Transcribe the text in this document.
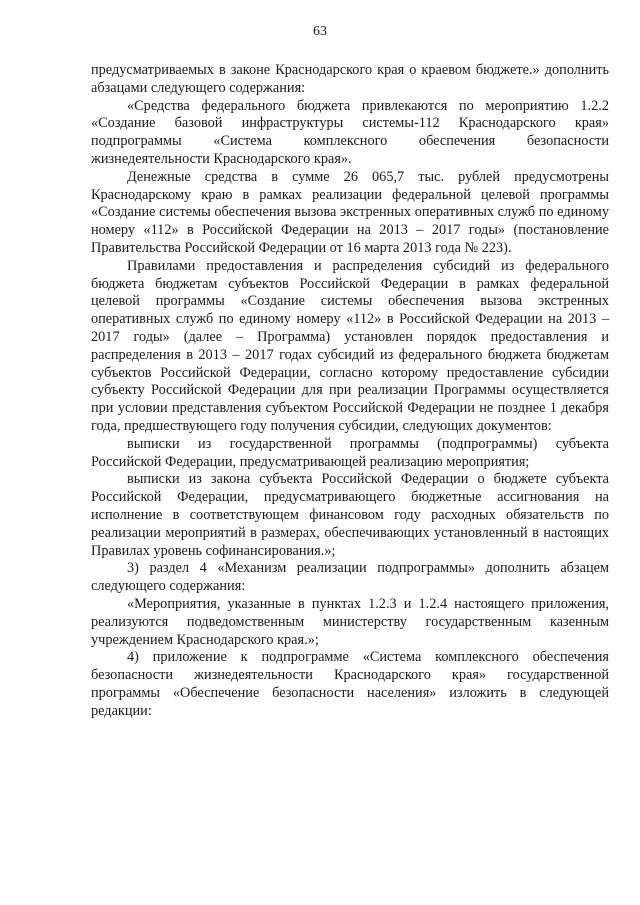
63

предусматриваемых в законе Краснодарского края о краевом бюджете.» дополнить абзацами следующего содержания:

«Средства федерального бюджета привлекаются по мероприятию 1.2.2 «Создание базовой инфраструктуры системы-112 Краснодарского края» подпрограммы «Система комплексного обеспечения безопасности жизнедеятельности Краснодарского края».

Денежные средства в сумме 26 065,7 тыс. рублей предусмотрены Краснодарскому краю в рамках реализации федеральной целевой программы «Создание системы обеспечения вызова экстренных оперативных служб по единому номеру «112» в Российской Федерации на 2013 – 2017 годы» (постановление Правительства Российской Федерации от 16 марта 2013 года № 223).

Правилами предоставления и распределения субсидий из федерального бюджета бюджетам субъектов Российской Федерации в рамках федеральной целевой программы «Создание системы обеспечения вызова экстренных оперативных служб по единому номеру «112» в Российской Федерации на 2013 – 2017 годы» (далее – Программа) установлен порядок предоставления и распределения в 2013 – 2017 годах субсидий из федерального бюджета бюджетам субъектов Российской Федерации, согласно которому предоставление субсидии субъекту Российской Федерации для при реализации Программы осуществляется при условии представления субъектом Российской Федерации не позднее 1 декабря года, предшествующего году получения субсидии, следующих документов:

выписки из государственной программы (подпрограммы) субъекта Российской Федерации, предусматривающей реализацию мероприятия;

выписки из закона субъекта Российской Федерации о бюджете субъекта Российской Федерации, предусматривающего бюджетные ассигнования на исполнение в соответствующем финансовом году расходных обязательств по реализации мероприятий в размерах, обеспечивающих установленный в настоящих Правилах уровень софинансирования.»;

3) раздел 4 «Механизм реализации подпрограммы» дополнить абзацем следующего содержания:

«Мероприятия, указанные в пунктах 1.2.3 и 1.2.4 настоящего приложения, реализуются подведомственным министерству государственным казенным учреждением Краснодарского края.»;

4) приложение к подпрограмме «Система комплексного обеспечения безопасности жизнедеятельности Краснодарского края» государственной программы «Обеспечение безопасности населения» изложить в следующей редакции:
